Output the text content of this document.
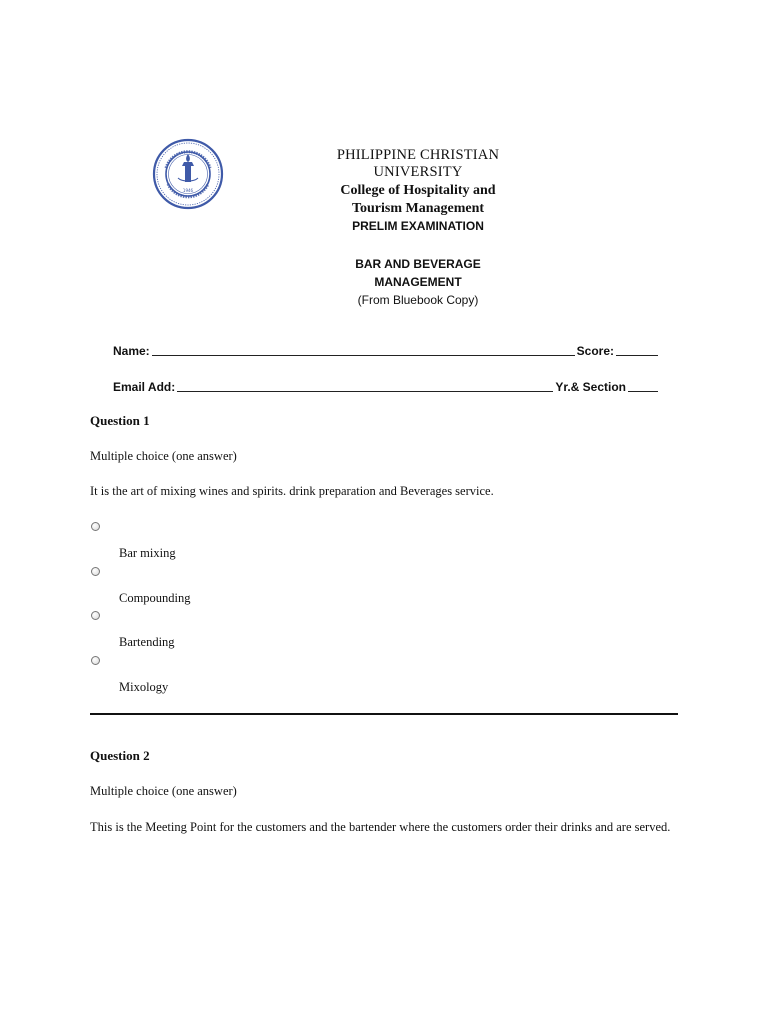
1946
PHILIPPINE CHRISTIAN
UNIVERSITY
College of Hospitality and
Tourism Management
PRELIM EXAMINATION
BAR AND BEVERAGE
MANAGEMENT
(From Bluebook Copy)
Name:	Score:
Email Add:	Yr.& Section
Question 1
Multiple choice (one answer)
It is the art of mixing wines and spirits. drink preparation and Beverages service.
Bar mixing
Compounding
Bartending
Mixology
Question 2
Multiple choice (one answer)
This is the Meeting Point for the customers and the bartender where the customers order their drinks and are served.
